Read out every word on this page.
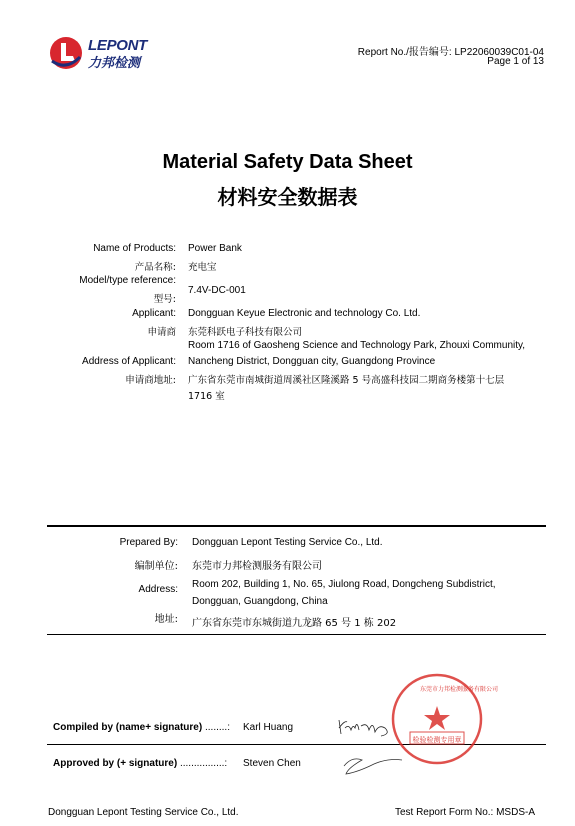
LEPONT
力邦检测
Report No./报告编号: LP22060039C01-04
Page 1 of 13
Material Safety Data Sheet
材料安全数据表
Name of Products: Power Bank
产品名称: 充电宝
Model/type reference:
型号:
7.4V-DC-001
Applicant: Dongguan Keyue Electronic and technology Co. Ltd.
申请商 东莞科跃电子科技有限公司
Room 1716 of Gaosheng Science and Technology Park, Zhouxi Community,
Address of Applicant: Nancheng District, Dongguan city, Guangdong Province
申请商地址: 广东省东莞市南城街道周溪社区隆溪路 5 号高盛科技园二期商务楼第十七层
1716 室
Prepared By: Dongguan Lepont Testing Service Co., Ltd.
编制单位: 东莞市力邦检测服务有限公司
Address: Room 202, Building 1, No. 65, Jiulong Road, Dongcheng Subdistrict,
Dongguan, Guangdong, China
地址: 广东省东莞市东城街道九龙路 65 号 1 栋 202
Compiled by (name+ signature) ........: Karl Huang
Approved by (+ signature) ................: Steven Chen
东莞市力邦检测服务有限公司
检验检测专用章
Dongguan Lepont Testing Service Co., Ltd.	Test Report Form No.: MSDS-A
